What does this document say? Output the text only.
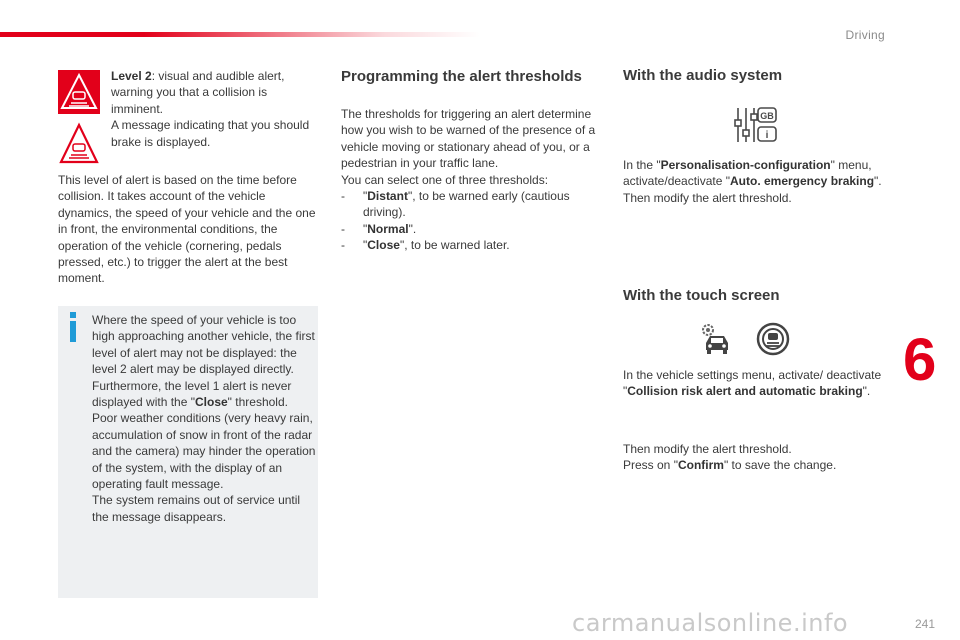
Driving
6
241
carmanualsonline.info

Level 2: visual and audible alert, warning you that a collision is imminent.

A message indicating that you should brake is displayed.

This level of alert is based on the time before collision. It takes account of the vehicle dynamics, the speed of your vehicle and the one in front, the environmental conditions, the operation of the vehicle (cornering, pedals pressed, etc.) to trigger the alert at the best moment.

Where the speed of your vehicle is too high approaching another vehicle, the first level of alert may not be displayed: the level 2 alert may be displayed directly.

Furthermore, the level 1 alert is never displayed with the "Close" threshold.

Poor weather conditions (very heavy rain, accumulation of snow in front of the radar and the camera) may hinder the operation of the system, with the display of an operating fault message.

The system remains out of service until the message disappears.

Programming the alert thresholds

The thresholds for triggering an alert determine how you wish to be warned of the presence of a vehicle moving or stationary ahead of you, or a pedestrian in your traffic lane.

You can select one of three thresholds:

-	"Distant", to be warned early (cautious driving).
-	"Normal".
-	"Close", to be warned later.
With the audio system
GB
i

In the "Personalisation-configuration" menu, activate/deactivate "Auto. emergency braking".

Then modify the alert threshold.

With the touch screen

In the vehicle settings menu, activate/ deactivate "Collision risk alert and automatic braking".

Then modify the alert threshold.

Press on "Confirm" to save the change.
